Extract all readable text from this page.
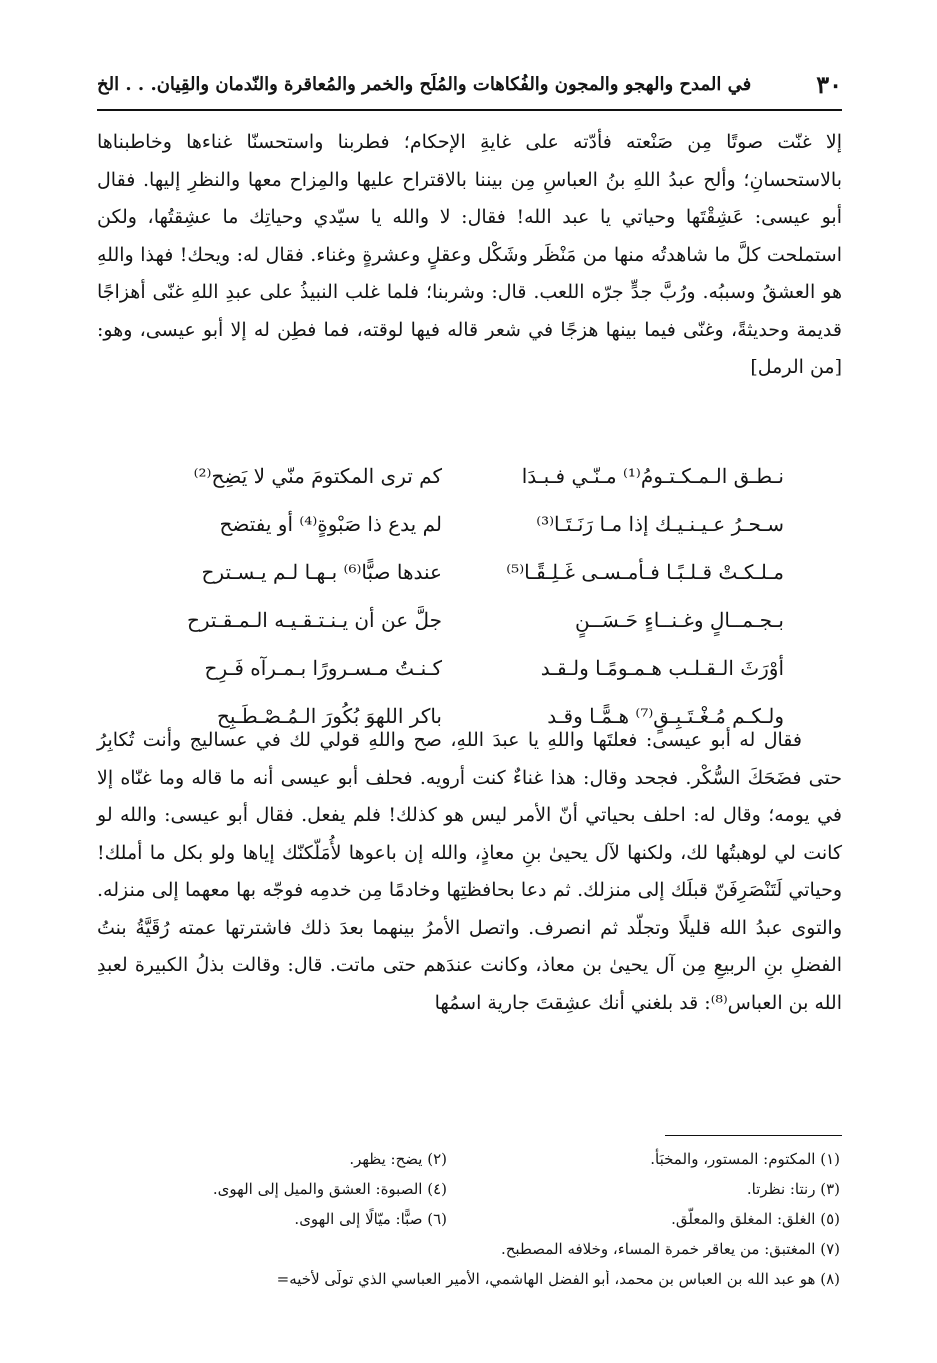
٣٠
في المدح والهجو والمجون والفُكاهات والمُلَح والخمر والمُعاقرة والنّدمان والقِيان. . . الخ

إلا غنّت صوتًا مِن صَنْعته فأدّته على غايةِ الإحكام؛ فطربنا واستحسنّا غناءها وخاطبناها بالاستحسانِ؛ وألح عبدُ اللهِ بنُ العباسِ مِن بيننا بالاقتراح عليها والمِزاح معها والنظرِ إليها. فقال أبو عيسى: عَشِقْتَها وحياتي يا عبد الله! فقال: لا والله يا سيّدي وحياتِك ما عشِقتُها، ولكن استملحت كلَّ ما شاهدتُه منها من مَنْظَر وشَكْل وعقلٍ وعشرةٍ وغناء. فقال له: ويحك! فهذا واللهِ هو العشقُ وسببُه. ورُبَّ جدٍّ جرّه اللعب. قال: وشربنا؛ فلما غلب النبيذُ على عبدِ اللهِ غنّى أهزاجًا قديمة وحديثةً، وغنّى فيما بينها هزجًا في شعر قاله فيها لوقته، فما فطِن له إلا أبو عيسى، وهو: [من الرمل]

نـطـق الـمـكـتـومُ⁽¹⁾ مـنّـي فـبـدَا
كم ترى المكتومَ منّي لا يَضِح⁽²⁾
سـحـرُ عـيـنـيـك إذا مـا رَنَـتَـا⁽³⁾
لم يدع ذا صَبْوةٍ⁽⁴⁾ أو يفتضح
مـلـكـتْ قـلـبًـا فـأمـسـى غَـلِـقًـا⁽⁵⁾
عندها صبًّا⁽⁶⁾ بـهـا لـم يـسـترح
بـجـمــالٍ وغـنــاءٍ حَـسَــنٍ
جلَّ عن أن يـنـتـقـيـه الـمـقـترح
أوْرَثَ الـقـلـب هـمـومًـا ولـقـد
كـنـتُ مـسـرورًا بـمـرآه فَـرِح
ولـكـم مُـغْـتَـبِـقٍ⁽⁷⁾ هـمًّـا وقـد
باكر اللهوَ بُكُورَ الـمُـصْـطَـبِح

فقال له أبو عيسى: فعلتَها واللهِ يا عبدَ اللهِ، صح واللهِ قولي لك في عساليج وأنت تُكابِرُ حتى فضَحَكَ السُّكْر. فجحد وقال: هذا غناءٌ كنت أرويه. فحلف أبو عيسى أنه ما قاله وما غنّاه إلا في يومه؛ وقال له: احلف بحياتي أنّ الأمر ليس هو كذلك! فلم يفعل. فقال أبو عيسى: والله لو كانت لي لوهبتُها لك، ولكنها لآل يحيىٰ بنِ معاذٍ، والله إن باعوها لأُمَلّكنّك إياها ولو بكل ما أملك! وحياتي لَتَنْصَرِفَنّ قبلَك إلى منزلك. ثم دعا بحافظتِها وخادمًا مِن خدمِه فوجّه بها معهما إلى منزله. والتوى عبدُ الله قليلًا وتجلّد ثم انصرف. واتصل الأمرُ بينهما بعدَ ذلك فاشترتها عمته رُقَيَّةُ بنتُ الفضلِ بنِ الربيعِ مِن آل يحيىٰ بن معاذ، وكانت عندَهم حتى ماتت. قال: وقالت بذلُ الكبيرة لعبدِ الله بن العباس⁽⁸⁾: قد بلغني أنك عشِقتَ جارية اسمُها

(١) المكتوم: المستور، والمخبَأ.
(٢) يضح: يظهر.
(٣) رنتا: نظرتا.
(٤) الصبوة: العشق والميل إلى الهوى.
(٥) الغلق: المغلق والمعلّق.
(٦) صبًّا: ميّالًا إلى الهوى.
(٧) المغتبق: من يعاقر خمرة المساء، وخلافه المصطبح.
(٨) هو عبد الله بن العباس بن محمد، أبو الفضل الهاشمي، الأمير العباسي الذي تولّى لأخيه=
